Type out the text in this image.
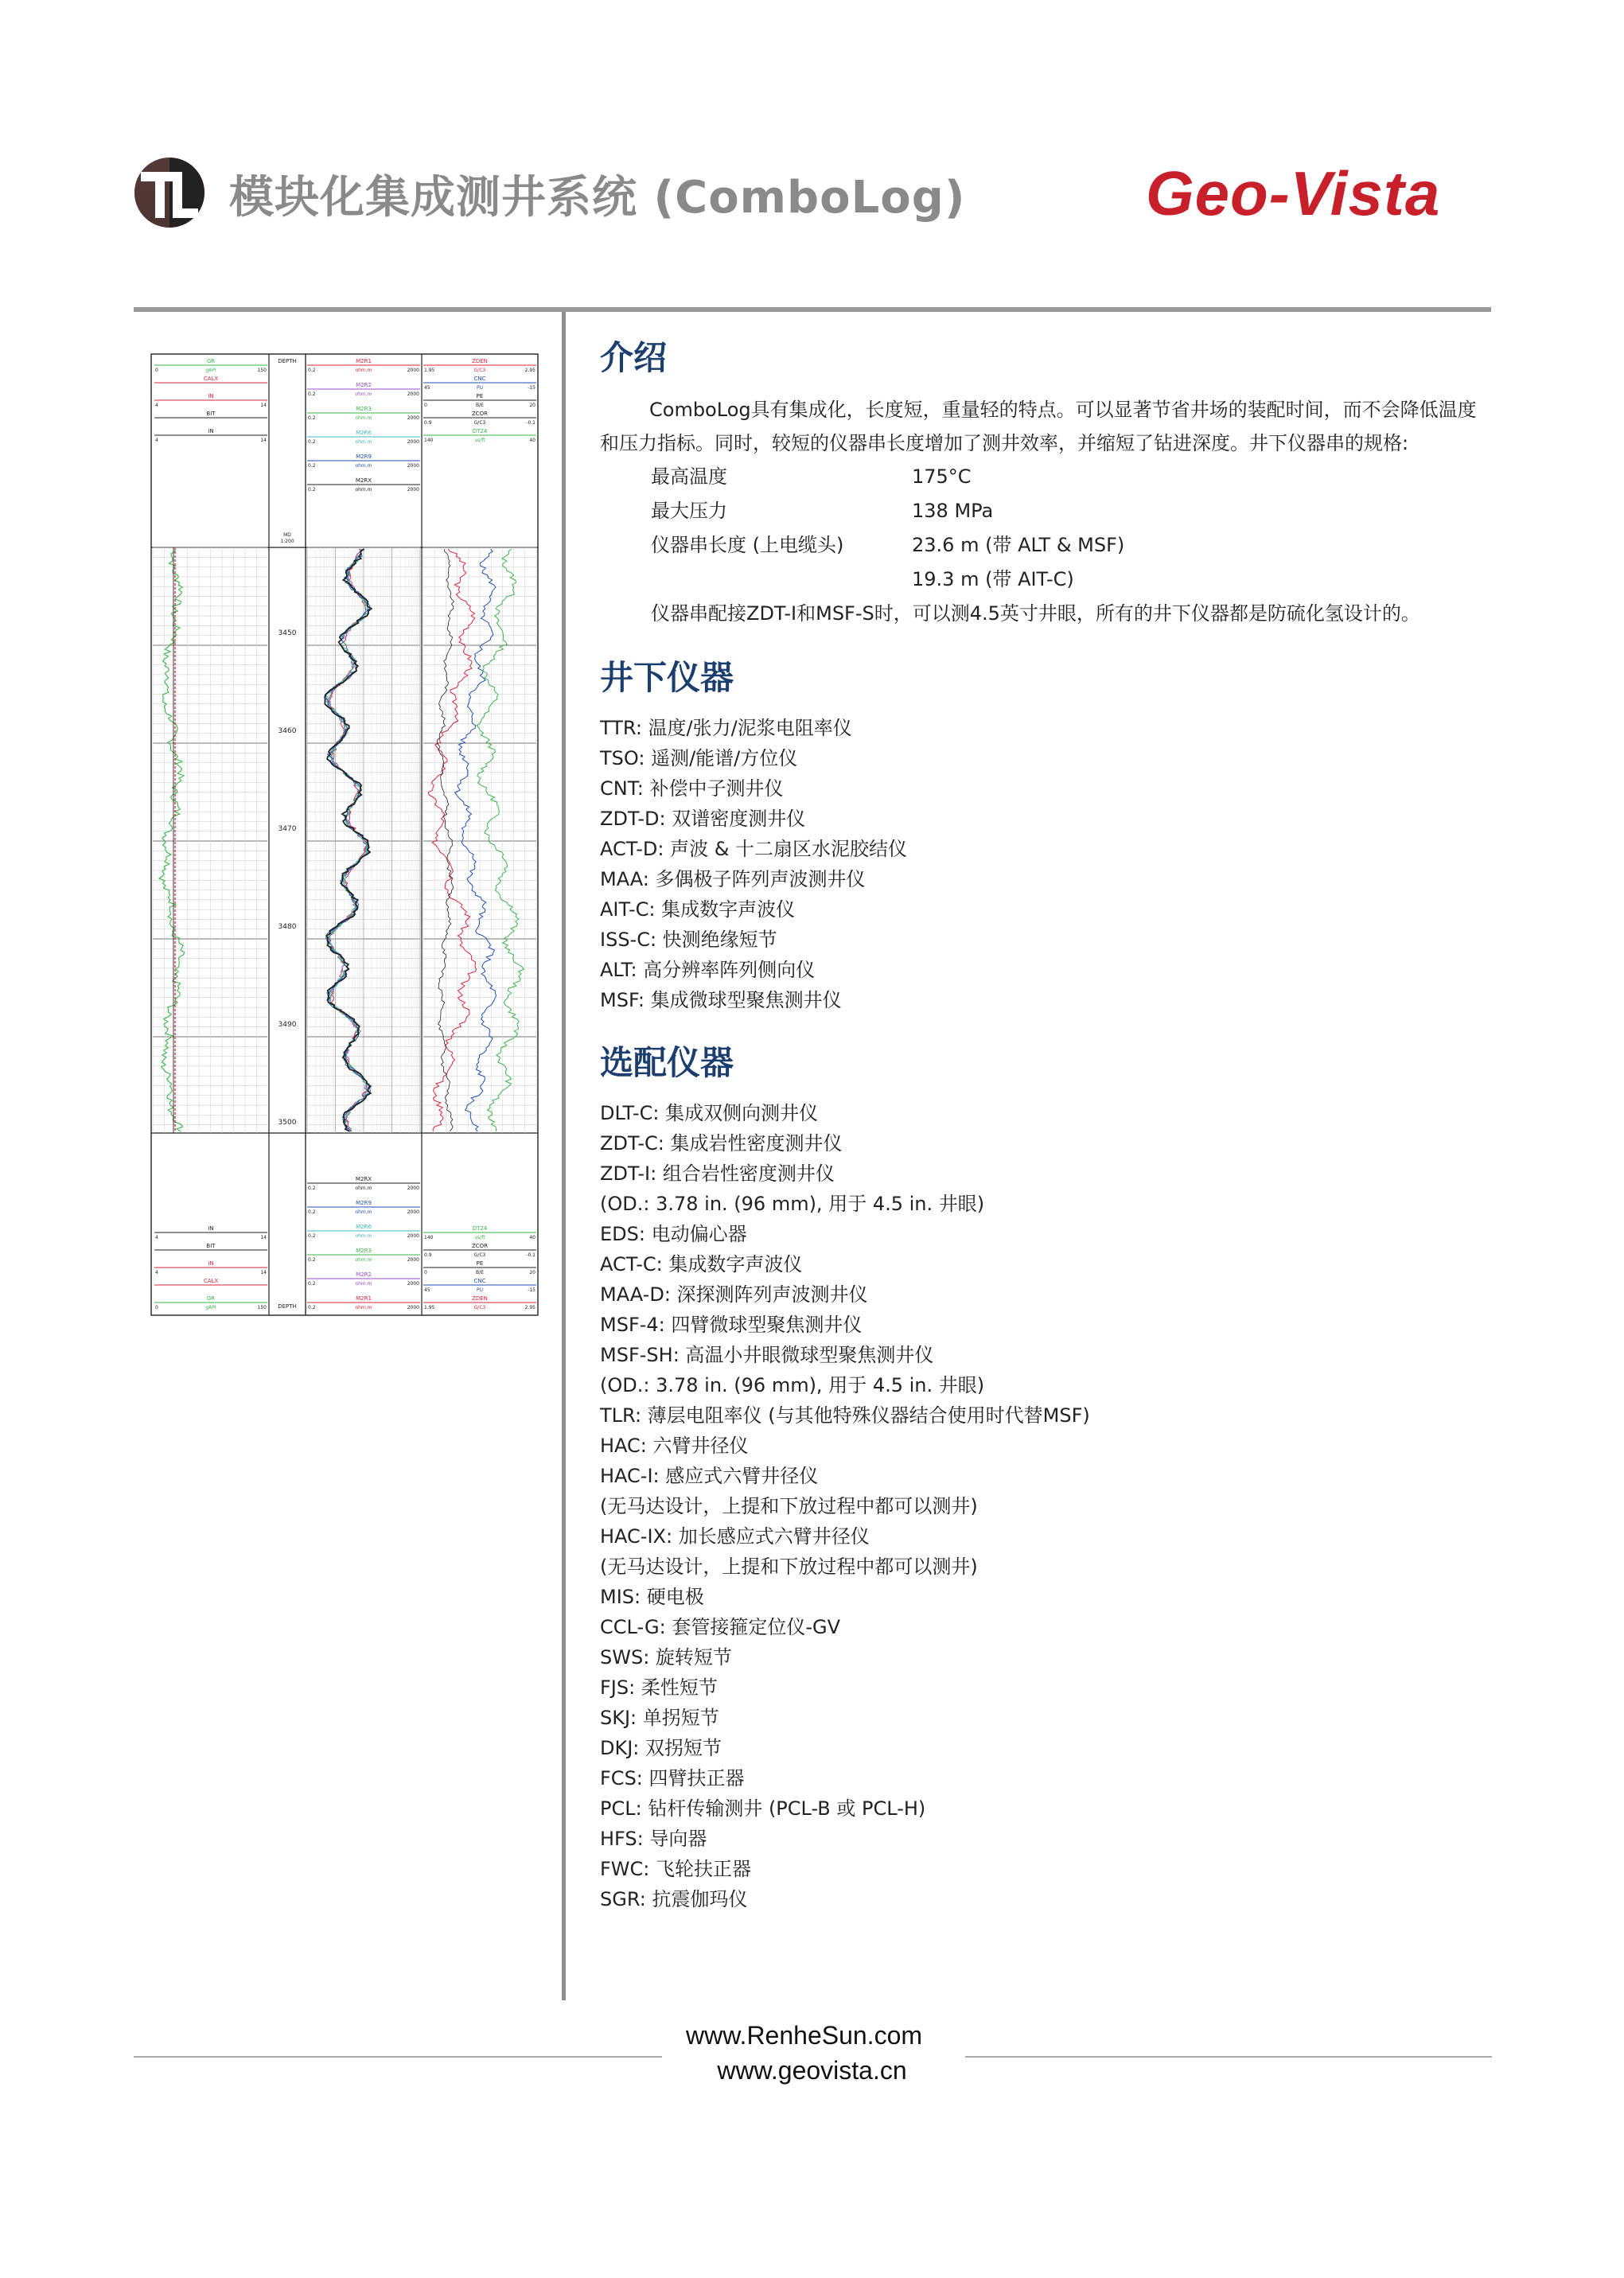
模块化集成测井系统 (ComboLog)	Geo-Vista
3450
3460
3470
3480
3490
3500
DEPTH
DEPTH
MD
1:200
GR
0	gAPI	150
CALX
IN
4	14
BIT
IN
4	14
M2R1
0.2	ohm.m	2000
M2R2
0.2	ohm.m	2000
M2R3
0.2	ohm.m	2000
M2R6
0.2	ohm.m	2000
M2R9
0.2	ohm.m	2000
M2RX
0.2	ohm.m	2000
ZDEN
1.95	G/C3	2.95
CNC
45	PU	-15
PE
0	B/E	20
ZCOR
0.9	G/C3	-0.1
DT24
140	us/ft	40
GR
0	gAPI	150
CALX
IN
4	14
BIT
IN
4	14
M2R1
0.2	ohm.m	2000
M2R2
0.2	ohm.m	2000
M2R3
0.2	ohm.m	2000
M2R6
0.2	ohm.m	2000
M2R9
0.2	ohm.m	2000
M2RX
0.2	ohm.m	2000
ZDEN
1.95	G/C3	2.95
CNC
45	PU	-15
PE
0	B/E	20
ZCOR
0.9	G/C3	-0.1
DT24
140	us/ft	40
介绍
ComboLog具有集成化，长度短，重量轻的特点。可以显著节省井场的装配时间，而不会降低温度和压力指标。同时，较短的仪器串长度增加了测井效率，并缩短了钻进深度。井下仪器串的规格:
最高温度	175°C
最大压力	138 MPa
仪器串长度 (上电缆头)	23.6 m (带 ALT & MSF)
19.3 m (带 AIT-C)
仪器串配接ZDT-I和MSF-S时，可以测4.5英寸井眼，所有的井下仪器都是防硫化氢设计的。
井下仪器
TTR: 温度/张力/泥浆电阻率仪
TSO: 遥测/能谱/方位仪
CNT: 补偿中子测井仪
ZDT-D: 双谱密度测井仪
ACT-D: 声波 & 十二扇区水泥胶结仪
MAA: 多偶极子阵列声波测井仪
AIT-C: 集成数字声波仪
ISS-C: 快测绝缘短节
ALT: 高分辨率阵列侧向仪
MSF: 集成微球型聚焦测井仪
选配仪器
DLT-C: 集成双侧向测井仪
ZDT-C: 集成岩性密度测井仪
ZDT-I: 组合岩性密度测井仪
(OD.: 3.78 in. (96 mm), 用于 4.5 in. 井眼)
EDS: 电动偏心器
ACT-C: 集成数字声波仪
MAA-D: 深探测阵列声波测井仪
MSF-4: 四臂微球型聚焦测井仪
MSF-SH: 高温小井眼微球型聚焦测井仪
(OD.: 3.78 in. (96 mm), 用于 4.5 in. 井眼)
TLR: 薄层电阻率仪 (与其他特殊仪器结合使用时代替MSF)
HAC: 六臂井径仪
HAC-I: 感应式六臂井径仪
(无马达设计，上提和下放过程中都可以测井)
HAC-IX: 加长感应式六臂井径仪
(无马达设计，上提和下放过程中都可以测井)
MIS: 硬电极
CCL-G: 套管接箍定位仪-GV
SWS: 旋转短节
FJS: 柔性短节
SKJ: 单拐短节
DKJ: 双拐短节
FCS: 四臂扶正器
PCL: 钻杆传输测井 (PCL-B 或 PCL-H)
HFS: 导向器
FWC: 飞轮扶正器
SGR: 抗震伽玛仪
www.RenheSun.com
www.geovista.cn
